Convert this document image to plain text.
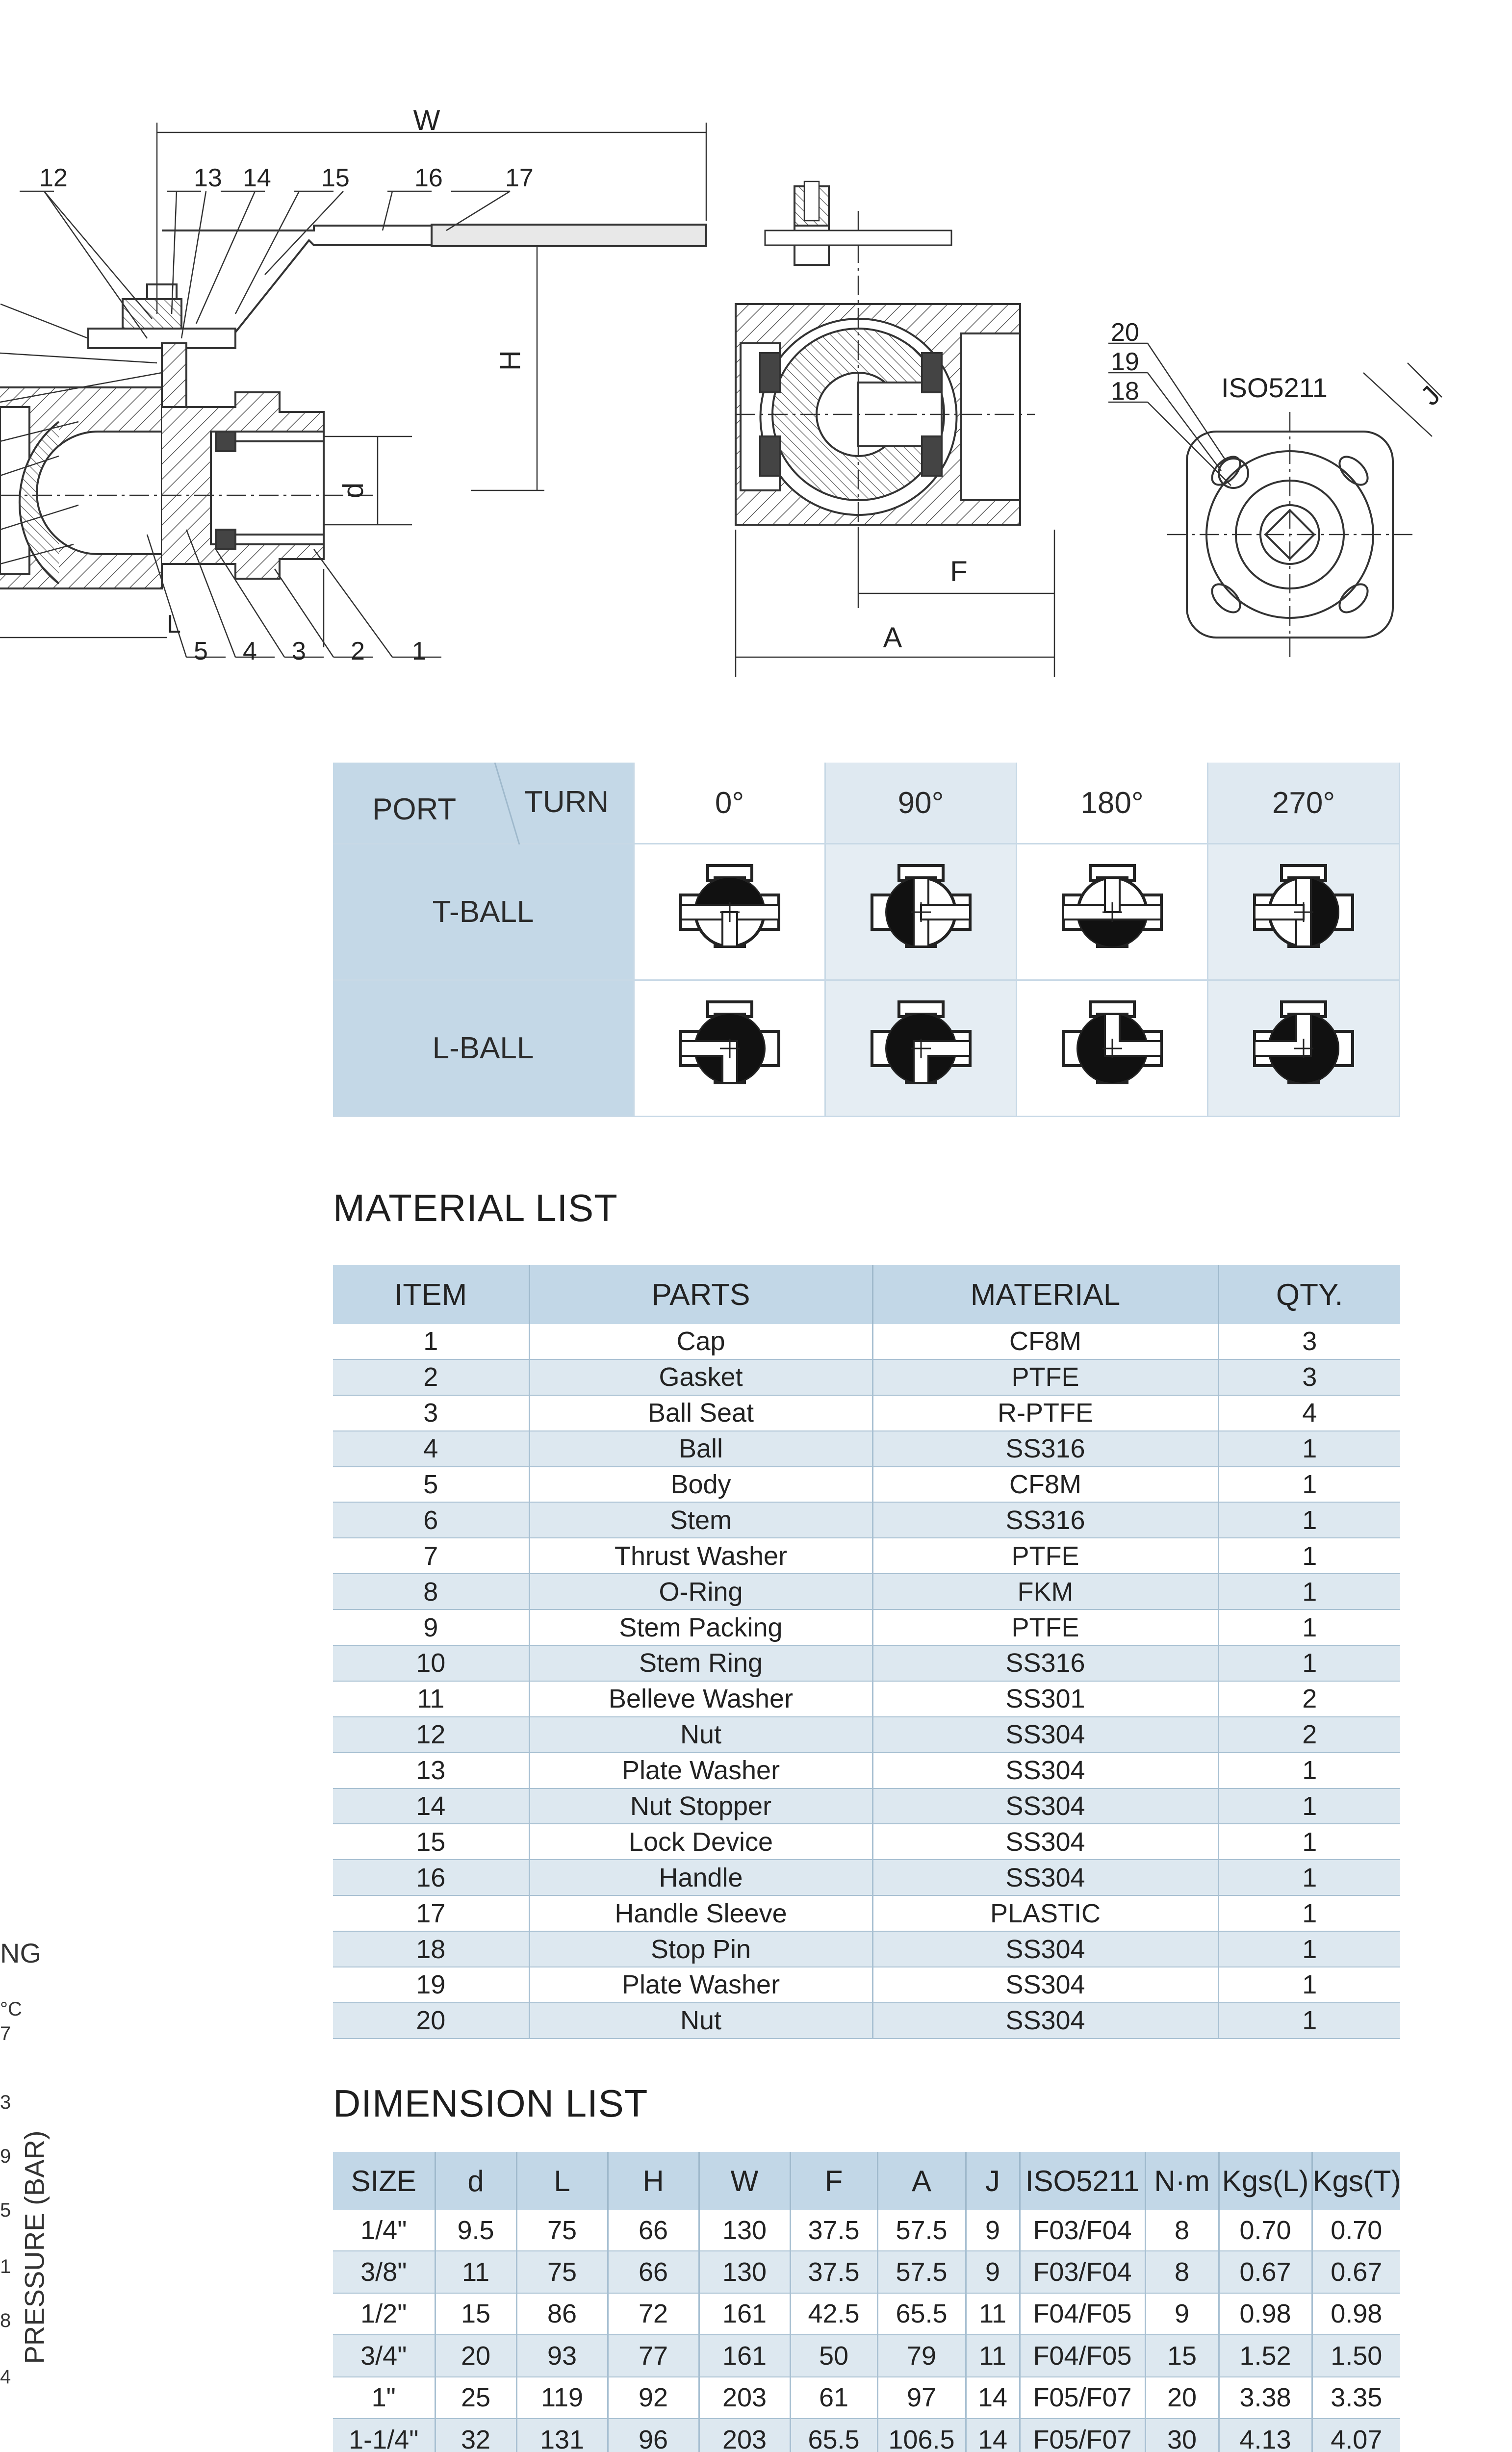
W
H
d
L
12	13 14 15	16 17
5 4 3 2 1
F
A
20
19
18	ISO5211	J
PORT TURN	0°	90°	180°	270°
T-BALL
L-BALL
MATERIAL LIST
ITEM	PARTS	MATERIAL	QTY.
1	Cap	CF8M	3
2	Gasket	PTFE	3
3	Ball Seat	R-PTFE	4
4	Ball	SS316	1
5	Body	CF8M	1
6	Stem	SS316	1
7	Thrust Washer	PTFE	1
8	O-Ring	FKM	1
9	Stem Packing	PTFE	1
10	Stem Ring	SS316	1
11	Belleve Washer	SS301	2
12	Nut	SS304	2
13	Plate Washer	SS304	1
14	Nut Stopper	SS304	1
15	Lock Device	SS304	1
16	Handle	SS304	1
17	Handle Sleeve	PLASTIC	1
18	Stop Pin	SS304	1
19	Plate Washer	SS304	1
20	Nut	SS304	1
DIMENSION LIST
SIZE	d	L	H	W	F	A	J	ISO5211	N·m	Kgs(L)	Kgs(T)
1/4"	9.5	75	66	130	37.5	57.5	9	F03/F04	8	0.70	0.70
3/8"	11	75	66	130	37.5	57.5	9	F03/F04	8	0.67	0.67
1/2"	15	86	72	161	42.5	65.5	11	F04/F05	9	0.98	0.98
3/4"	20	93	77	161	50	79	11	F04/F05	15	1.52	1.50
1"	25	119	92	203	61	97	14	F05/F07	20	3.38	3.35
1-1/4"	32	131	96	203	65.5	106.5	14	F05/F07	30	4.13	4.07

NG
°C
7
3
9
5
1
8
4
PRESSURE (BAR)
